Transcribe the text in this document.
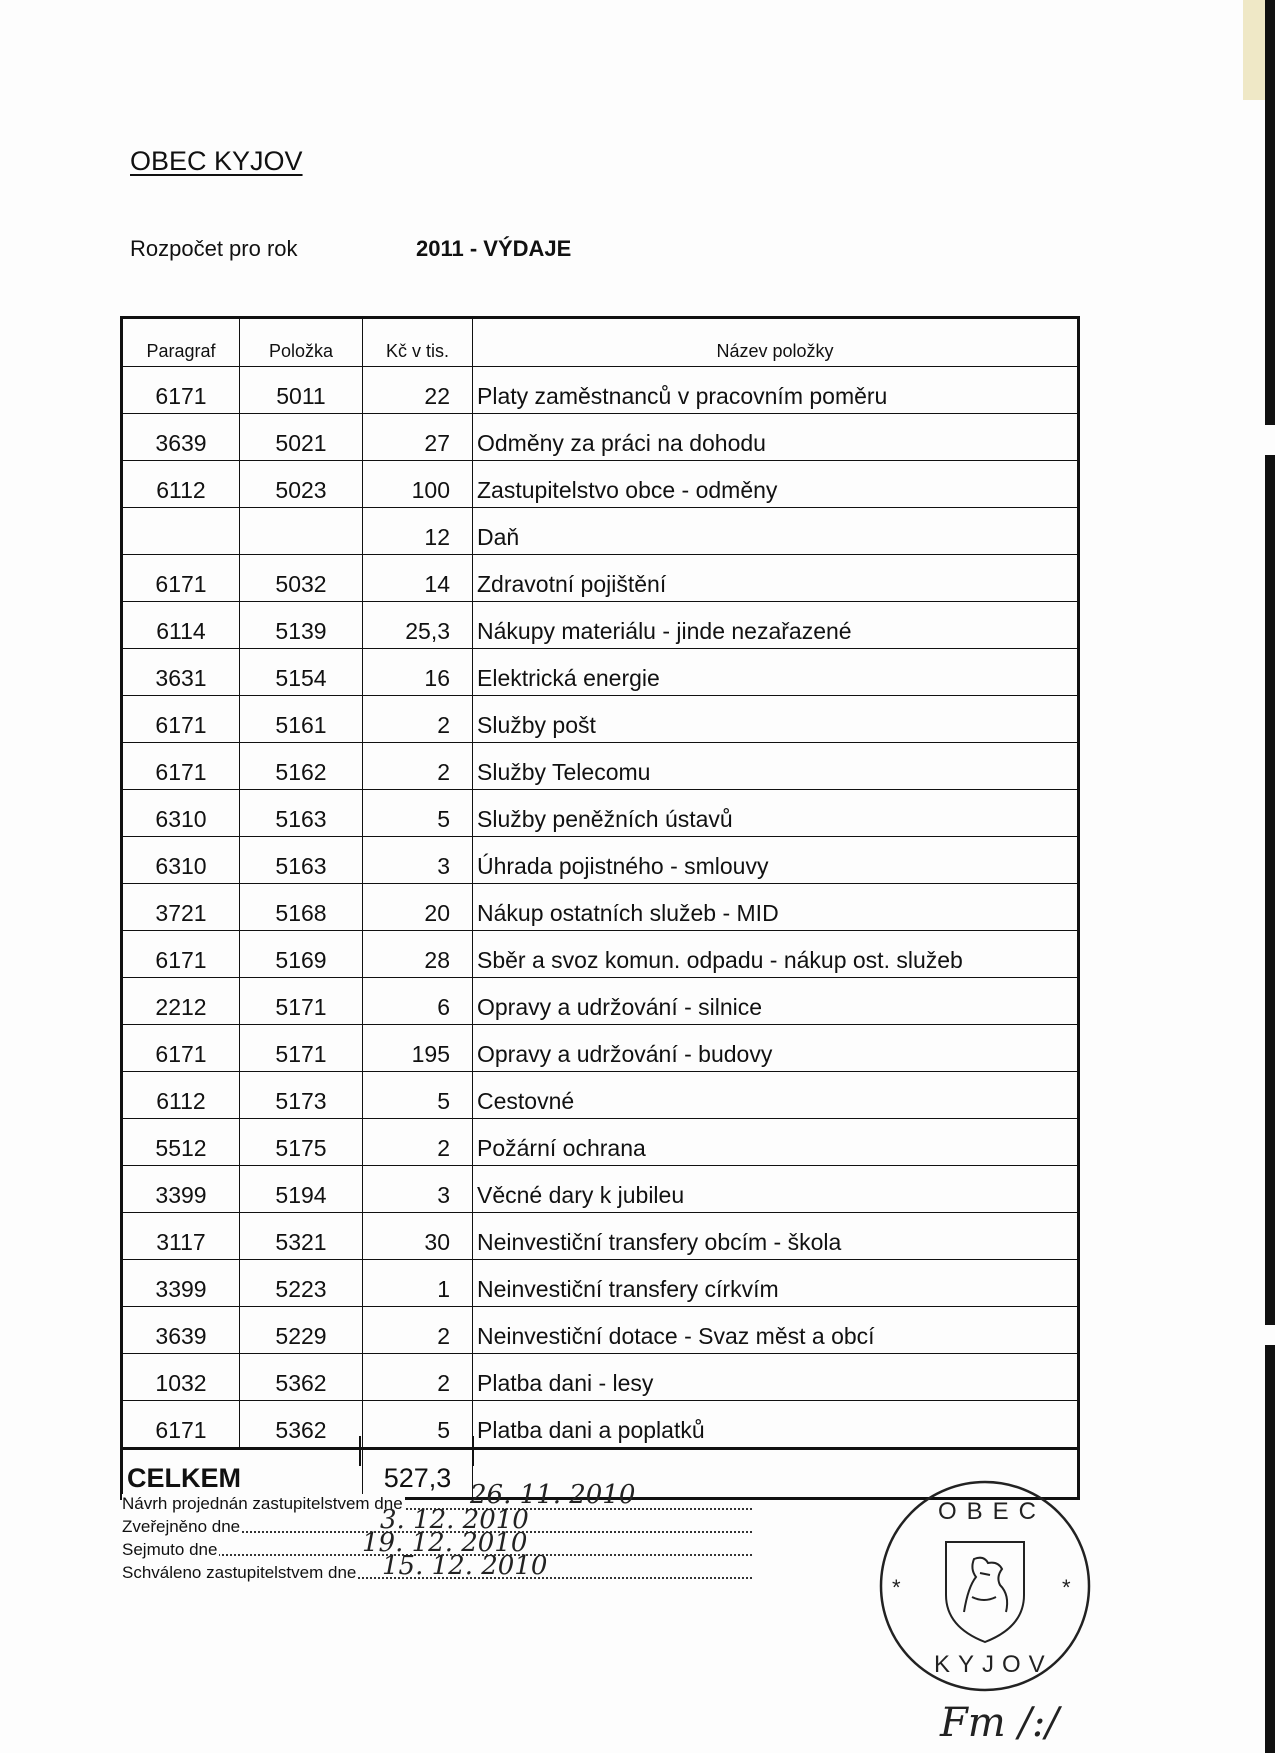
OBEC KYJOV
Rozpočet pro rok	2011 - VÝDAJE
Paragraf	Položka	Kč v tis.	Název položky
6171	5011	22	Platy zaměstnanců v pracovním poměru
3639	5021	27	Odměny za práci na dohodu
6112	5023	100	Zastupitelstvo obce - odměny
		12	Daň
6171	5032	14	Zdravotní pojištění
6114	5139	25,3	Nákupy materiálu - jinde nezařazené
3631	5154	16	Elektrická energie
6171	5161	2	Služby pošt
6171	5162	2	Služby Telecomu
6310	5163	5	Služby peněžních ústavů
6310	5163	3	Úhrada pojistného - smlouvy
3721	5168	20	Nákup ostatních služeb - MID
6171	5169	28	Sběr a svoz komun. odpadu - nákup ost. služeb
2212	5171	6	Opravy a udržování - silnice
6171	5171	195	Opravy a udržování - budovy
6112	5173	5	Cestovné
5512	5175	2	Požární ochrana
3399	5194	3	Věcné dary k jubileu
3117	5321	30	Neinvestiční transfery obcím - škola
3399	5223	1	Neinvestiční transfery církvím
3639	5229	2	Neinvestiční dotace - Svaz měst a obcí
1032	5362	2	Platba dani - lesy
6171	5362	5	Platba dani a poplatků
CELKEM		527,3	
Návrh projednán zastupitelstvem dne	26. 11. 2010
Zveřejněno dne	3. 12. 2010
Sejmuto dne	19. 12. 2010
Schváleno zastupitelstvem dne 15. 12. 2010
OBEC
KYJOV
*	*
Fm /:/
